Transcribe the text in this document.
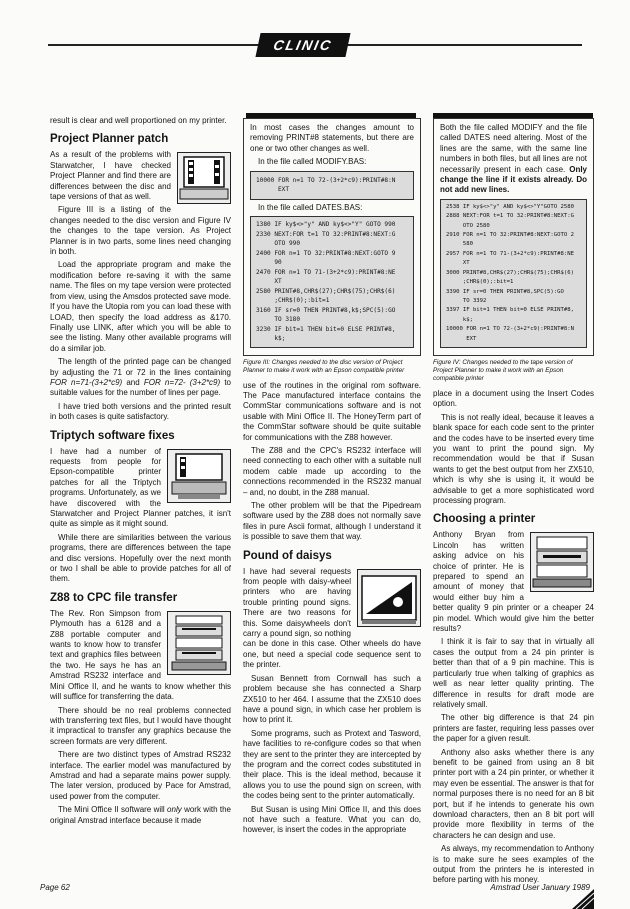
CLINIC

result is clear and well proportioned on my printer.

Project Planner patch

As a result of the problems with Starwatcher, I have checked Project Planner and find there are differences between the disc and tape versions of that as well.

Figure III is a listing of the changes needed to the disc version and Figure IV the changes to the tape version. As Project Planner is in two parts, some lines need changing in both.

Load the appropriate program and make the modification before re-saving it with the same name. The files on my tape version were protected from view, using the Amsdos protected save mode. If you have the Utopia rom you can load these with LOAD, then specify the load address as &170. Finally use LINK, after which you will be able to see the listing. Many other available programs will do a similar job.

The length of the printed page can be changed by adjusting the 71 or 72 in the lines containing FOR n=71-(3+2*c9) and FOR n=72- (3+2*c9) to suitable values for the number of lines per page.

I have tried both versions and the printed result in both cases is quite satisfactory.

Triptych software fixes

I have had a number of requests from people for Epson-compatible printer patches for all the Triptych programs. Unfortunately, as we have discovered with the Starwatcher and Project Planner patches, it isn't quite as simple as it might sound.

While there are similarities between the various programs, there are differences between the tape and disc versions. Hopefully over the next month or two I shall be able to provide patches for all of them.

Z88 to CPC file transfer

The Rev. Ron Simpson from Plymouth has a 6128 and a Z88 portable computer and wants to know how to transfer text and graphics files between the two. He says he has an Amstrad RS232 interface and Mini Office II, and he wants to know whether this will suffice for transferring the data.

There should be no real problems connected with transferring text files, but I would have thought it impractical to transfer any graphics because the screen formats are very different.

There are two distinct types of Amstrad RS232 interface. The earlier model was manufactured by Amstrad and had a separate mains power supply. The later version, produced by Pace for Amstrad, used power from the computer.

The Mini Office II software will only work with the original Amstrad interface because it made

In most cases the changes amount to removing PRINT#8 statements, but there are one or two other changes as well.

In the file called MODIFY.BAS:

10000 FOR n=1 TO 72-(3+2*c9):PRINT#8:N
EXT

In the file called DATES.BAS:

1380 IF ky$<>"y" AND ky$<>"Y" GOTO 990
2330 NEXT:FOR t=1 TO 32:PRINT#8:NEXT:G
OTO 990
2400 FOR n=1 TO 32:PRINT#8:NEXT:GOTO 9
90
2470 FOR n=1 TO 71-(3+2*c9):PRINT#8:NE
XT
2580 PRINT#8,CHR$(27);CHR$(75);CHR$(6)
;CHR$(0);:bit=1
3160 IF sr=0 THEN PRINT#8,k$;SPC(5):GO
TO 3180
3230 IF bit=1 THEN bit=0 ELSE PRINT#8,
k$;
Figure III: Changes needed to the disc version of Project Planner to make it work with an Epson compatible printer

use of the routines in the original rom software. The Pace manufactured interface contains the CommStar communications software and is not usable with Mini Office II. The HoneyTerm part of the CommStar software should be quite suitable for communications with the Z88 however.

The Z88 and the CPC's RS232 interface will need connecting to each other with a suitable null modem cable made up according to the connections recommended in the RS232 manual – and, no doubt, in the Z88 manual.

The other problem will be that the Pipedream software used by the Z88 does not normally save files in pure Ascii format, although I understand it is possible to save them that way.

Pound of daisys

I have had several requests from people with daisy-wheel printers who are having trouble printing pound signs. There are two reasons for this. Some daisywheels don't carry a pound sign, so nothing can be done in this case. Other wheels do have one, but need a special code sequence sent to the printer.

Susan Bennett from Cornwall has such a problem because she has connected a Sharp ZX510 to her 464. I assume that the ZX510 does have a pound sign, in which case her problem is how to print it.

Some programs, such as Protext and Tasword, have facilities to re-configure codes so that when they are sent to the printer they are intercepted by the program and the correct codes substituted in their place. This is the ideal method, because it allows you to use the pound sign on screen, with the codes being sent to the printer automatically.

But Susan is using Mini Office II, and this does not have such a feature. What you can do, however, is insert the codes in the appropriate

Both the file called MODIFY and the file called DATES need altering. Most of the lines are the same, with the same line numbers in both files, but all lines are not necessarily present in each case. Only change the line if it exists already. Do not add new lines.

2538 IF ky$<>"y" AND ky$<>"Y"GOTO 2580
2888 NEXT:FOR t=1 TO 32:PRINT#8:NEXT:G
OTO 2580
2910 FOR n=1 TO 32:PRINT#8:NEXT:GOTO 2
580
2957 FOR n=1 TO 71-(3+2*c9):PRINT#8:NE
XT
3000 PRINT#8,CHR$(27);CHR$(75);CHR$(6)
;CHR$(0);:bit=1
3390 IF sr=0 THEN PRINT#8,SPC(5):GO
TO 3392
3397 IF bit=1 THEN bit=0 ELSE PRINT#8,
k$;
10000 FOR n=1 TO 72-(3+2*c9):PRINT#8:N
EXT
Figure IV: Changes needed to the tape version of Project Planner to make it work with an Epson compatible printer

place in a document using the Insert Codes option.

This is not really ideal, because it leaves a blank space for each code sent to the printer and the codes have to be inserted every time you want to print the pound sign. My recommendation would be that if Susan wants to get the best output from her ZX510, which is why she is using it, it would be advisable to get a more sophisticated word processing program.

Choosing a printer

Anthony Bryan from Lincoln has written asking advice on his choice of printer. He is prepared to spend an amount of money that would either buy him a better quality 9 pin printer or a cheaper 24 pin model. Which would give him the better results?

I think it is fair to say that in virtually all cases the output from a 24 pin printer is better than that of a 9 pin machine. This is particularly true when talking of graphics as well as near letter quality printing. The difference in results for draft mode are relatively small.

The other big difference is that 24 pin printers are faster, requiring less passes over the paper for a given result.

Anthony also asks whether there is any benefit to be gained from using an 8 bit printer port with a 24 pin printer, or whether it may even be essential. The answer is that for normal purposes there is no need for an 8 bit port, but if he intends to generate his own download characters, then an 8 bit port will provide more flexibility in terms of the characters he can design and use.

As always, my recommendation to Anthony is to make sure he sees examples of the output from the printers he is interested in before parting with his money.

Page 62	Amstrad User January 1989
